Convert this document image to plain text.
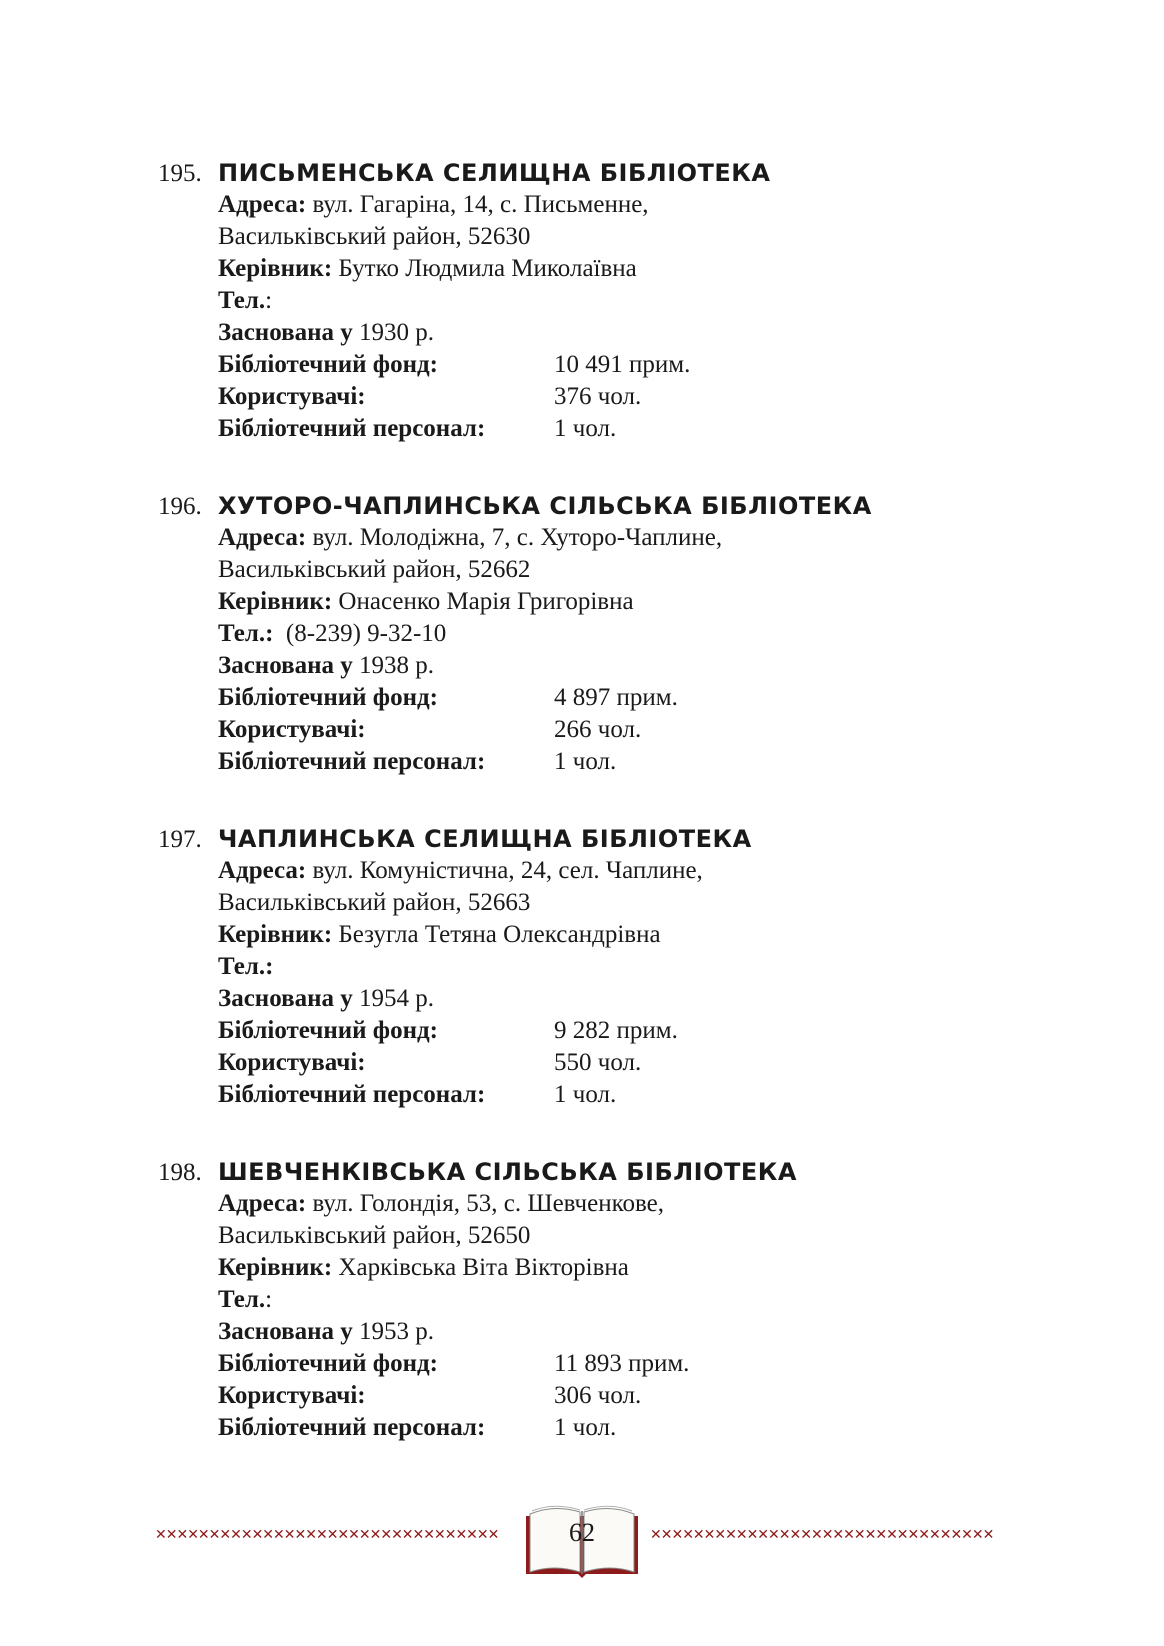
195. ПИСЬМЕНСЬКА СЕЛИЩНА БІБЛІОТЕКА
Адреса: вул. Гагаріна, 14, с. Письменне,
Васильківський район, 52630
Керівник: Бутко Людмила Миколаївна
Тел.:
Заснована у 1930 р.
Бібліотечний фонд:	10 491 прим.
Користувачі:	376 чол.
Бібліотечний персонал:	1 чол.
196. ХУТОРО-ЧАПЛИНСЬКА СІЛЬСЬКА БІБЛІОТЕКА
Адреса: вул. Молодіжна, 7, с. Хуторо-Чаплине,
Васильківський район, 52662
Керівник: Онасенко Марія Григорівна
Тел.: (8-239) 9-32-10
Заснована у 1938 р.
Бібліотечний фонд:	4 897 прим.
Користувачі:	266 чол.
Бібліотечний персонал:	1 чол.
197. ЧАПЛИНСЬКА СЕЛИЩНА БІБЛІОТЕКА
Адреса: вул. Комуністична, 24, сел. Чаплине,
Васильківський район, 52663
Керівник: Безугла Тетяна Олександрівна
Тел.:
Заснована у 1954 р.
Бібліотечний фонд:	9 282 прим.
Користувачі:	550 чол.
Бібліотечний персонал:	1 чол.
198. ШЕВЧЕНКІВСЬКА СІЛЬСЬКА БІБЛІОТЕКА
Адреса: вул. Голондія, 53, с. Шевченкове,
Васильківський район, 52650
Керівник: Харківська Віта Вікторівна
Тел.:
Заснована у 1953 р.
Бібліотечний фонд:	11 893 прим.
Користувачі:	306 чол.
Бібліотечний персонал:	1 чол.
✕✕✕✕✕✕✕✕✕✕✕✕✕✕✕✕✕✕✕✕✕✕✕✕✕✕✕✕✕✕✕✕	✕✕✕✕✕✕✕✕✕✕✕✕✕✕✕✕✕✕✕✕✕✕✕✕✕✕✕✕✕✕✕✕
62
